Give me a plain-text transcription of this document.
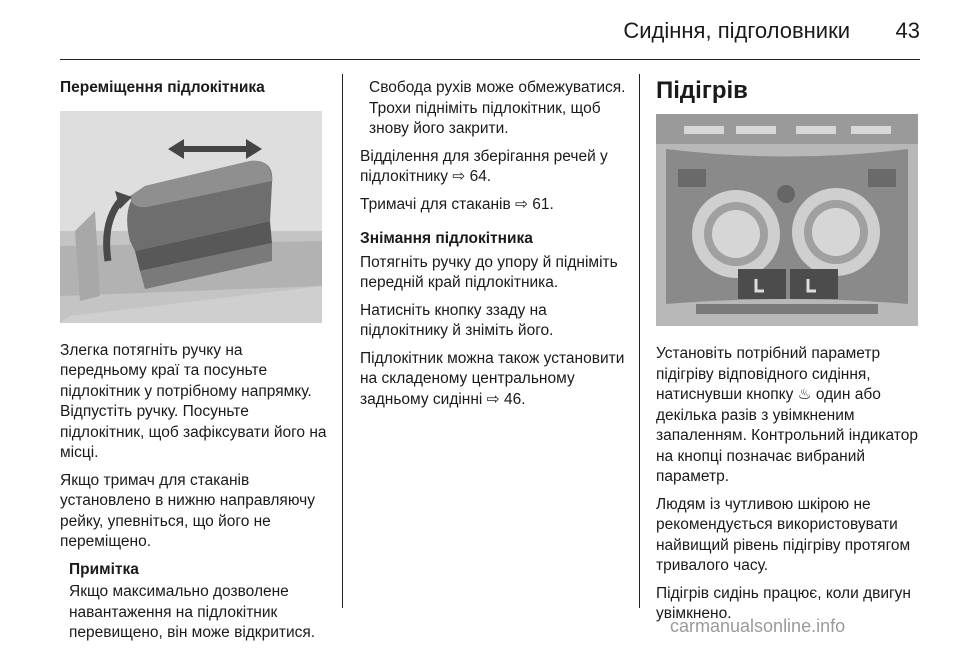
Сидіння, підголовники 43
Переміщення підлокітника

Злегка потягніть ручку на передньому краї та посуньте підлокітник у потрібному напрямку. Відпустіть ручку. Посуньте підлокітник, щоб зафіксувати його на місці.

Якщо тримач для стаканів установлено в нижню направляючу рейку, упевніться, що його не переміщено.

Примітка

Якщо максимально дозволене навантаження на підлокітник перевищено, він може відкритися.

Свобода рухів може обмежуватися. Трохи підніміть підлокітник, щоб знову його закрити.

Відділення для зберігання речей у підлокітнику ⇨ 64.

Тримачі для стаканів ⇨ 61.

Знімання підлокітника

Потягніть ручку до упору й підніміть передній край підлокітника.

Натисніть кнопку ззаду на підлокітнику й зніміть його.

Підлокітник можна також установити на складеному центральному задньому сидінні ⇨ 46.

Підігрів

Установіть потрібний параметр підігріву відповідного сидіння, натиснувши кнопку ♨ один або декілька разів з увімкненим запаленням. Контрольний індикатор на кнопці позначає вибраний параметр.

Людям із чутливою шкірою не рекомендується використовувати найвищий рівень підігріву протягом тривалого часу.

Підігрів сидінь працює, коли двигун увімкнено.

carmanualsonline.info
